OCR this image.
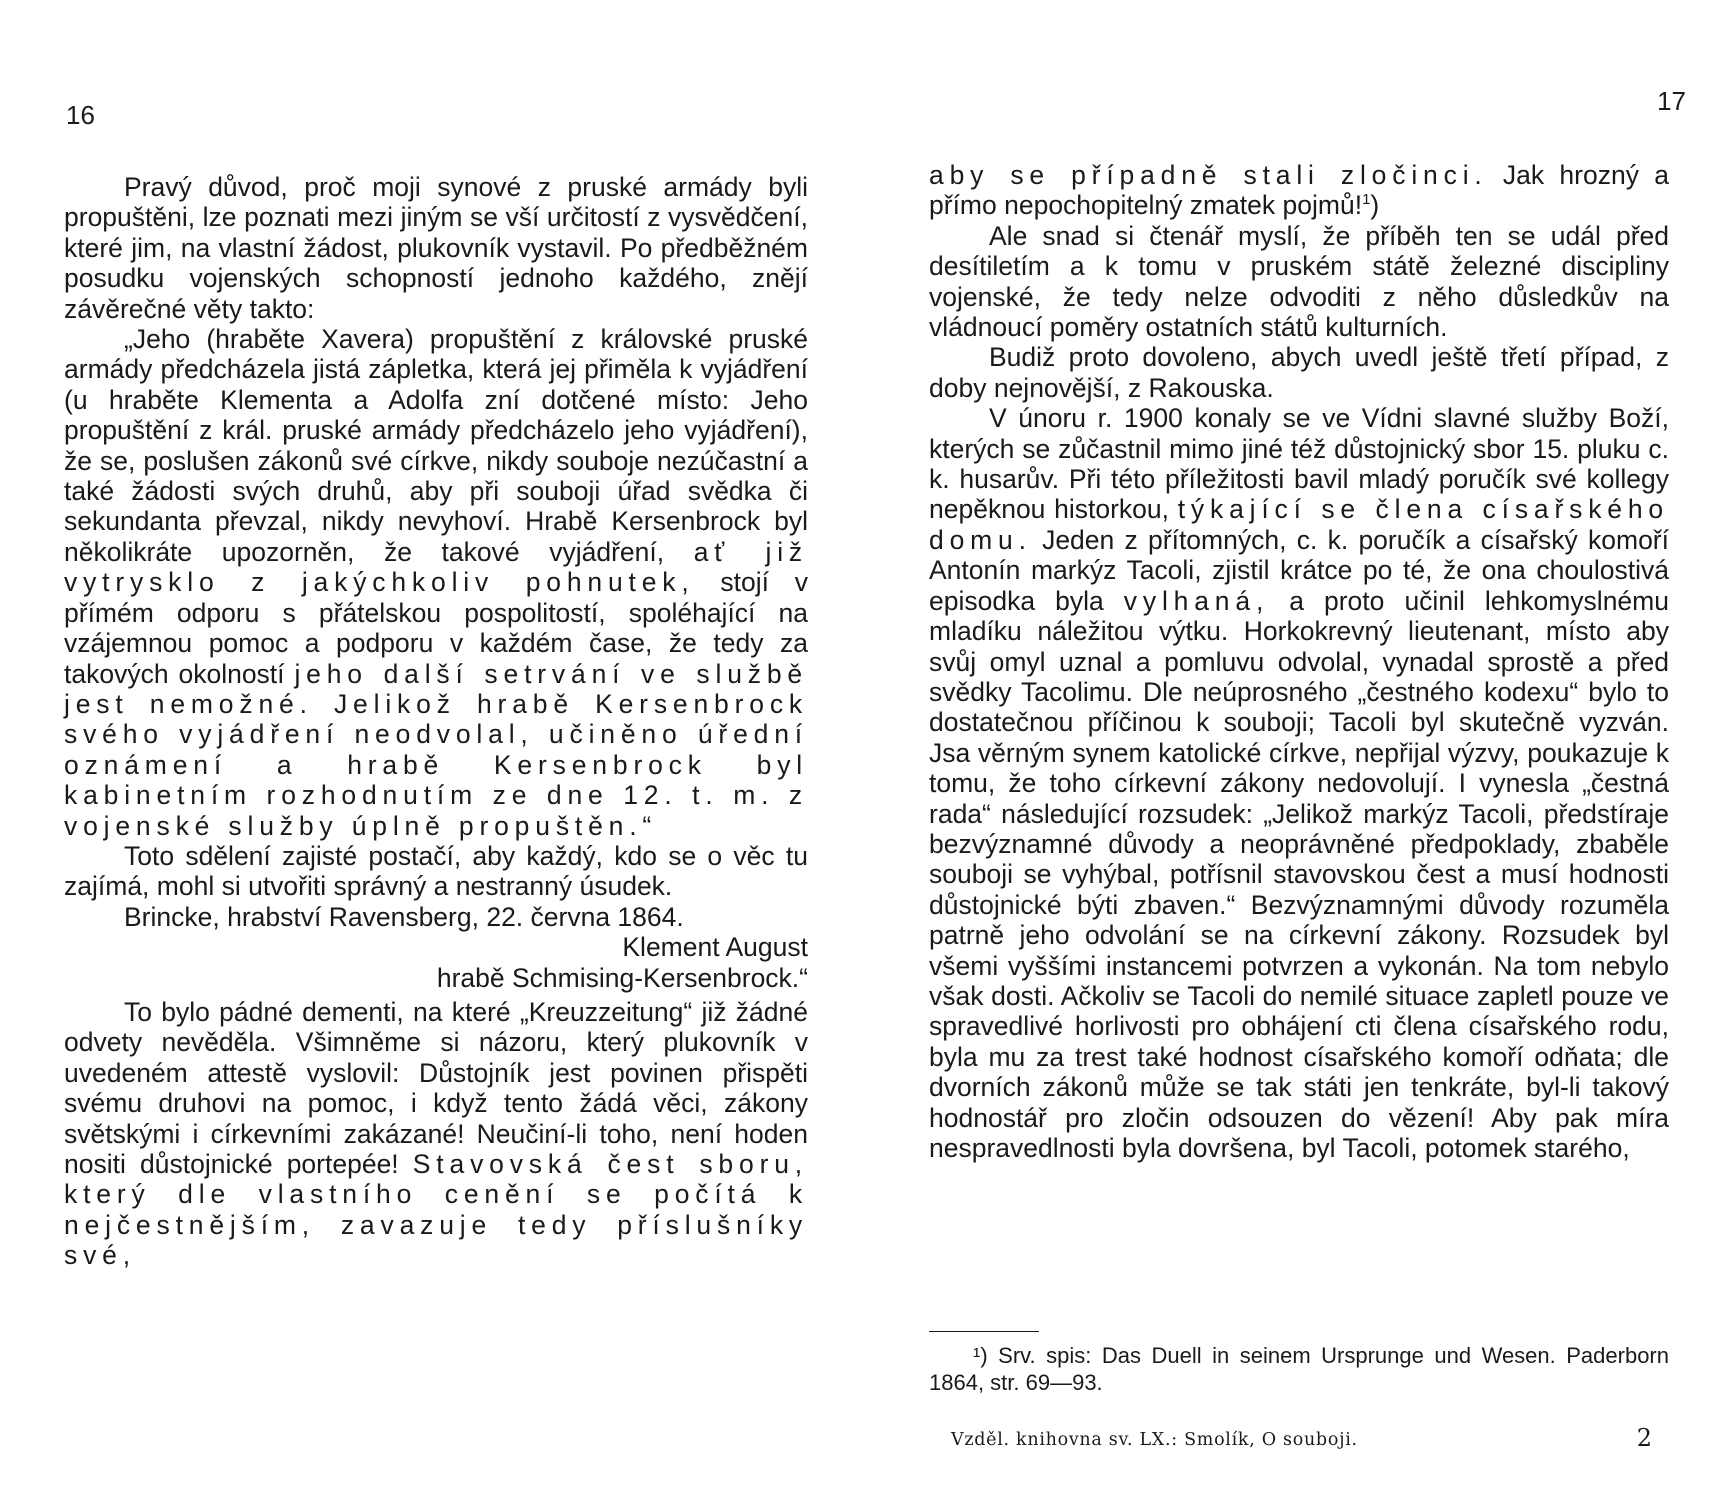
16

Pravý důvod, proč moji synové z pruské armády byli propuštěni, lze poznati mezi jiným se vší určitostí z vysvědčení, které jim, na vlastní žádost, plukovník vystavil. Po předběžném posudku vojenských schopností jednoho každého, znějí závěrečné věty takto:

„Jeho (hraběte Xavera) propuštění z královské pruské armády předcházela jistá zápletka, která jej přiměla k vyjádření (u hraběte Klementa a Adolfa zní dotčené místo: Jeho propuštění z král. pruské armády předcházelo jeho vyjádření), že se, poslušen zákonů své církve, nikdy souboje nezúčastní a také žádosti svých druhů, aby při souboji úřad svědka či sekundanta převzal, nikdy nevyhoví. Hrabě Kersenbrock byl několikráte upozorněn, že takové vyjádření, ať již vytrysklo z jakýchkoliv pohnutek, stojí v přímém odporu s přátelskou pospolitostí, spoléhající na vzájemnou pomoc a podporu v každém čase, že tedy za takových okolností jeho další setrvání ve službě jest nemožné. Jelikož hrabě Kersenbrock svého vyjádření neodvolal, učiněno úřední oznámení a hrabě Kersenbrock byl kabinetním rozhodnutím ze dne 12. t. m. z vojenské služby úplně propuštěn.“

Toto sdělení zajisté postačí, aby každý, kdo se o věc tu zajímá, mohl si utvořiti správný a nestranný úsudek.

Brincke, hrabství Ravensberg, 22. června 1864.

Klement August
hrabě Schmising-Kersenbrock.“

To bylo pádné dementi, na které „Kreuzzeitung“ již žádné odvety nevěděla. Všimněme si názoru, který plukovník v uvedeném attestě vyslovil: Důstojník jest povinen přispěti svému druhovi na pomoc, i když tento žádá věci, zákony světskými i církevními zakázané! Neučiní-li toho, není hoden nositi důstojnické portepée! Stavovská čest sboru, který dle vlastního cenění se počítá k nejčestnějším, zavazuje tedy příslušníky své,

17

aby se případně stali zločinci. Jak hrozný a přímo nepochopitelný zmatek pojmů!$^1$)

Ale snad si čtenář myslí, že příběh ten se udál před desítiletím a k tomu v pruském státě železné discipliny vojenské, že tedy nelze odvoditi z něho důsledkův na vládnoucí poměry ostatních států kulturních.

Budiž proto dovoleno, abych uvedl ještě třetí případ, z doby nejnovější, z Rakouska.

V únoru r. 1900 konaly se ve Vídni slavné služby Boží, kterých se zůčastnil mimo jiné též důstojnický sbor 15. pluku c. k. husarův. Při této příležitosti bavil mladý poručík své kollegy nepěknou historkou, týkající se člena císařského domu. Jeden z přítomných, c. k. poručík a císařský komoří Antonín markýz Tacoli, zjistil krátce po té, že ona choulostivá episodka byla vylhaná, a proto učinil lehkomyslnému mladíku náležitou výtku. Horkokrevný lieutenant, místo aby svůj omyl uznal a pomluvu odvolal, vynadal sprostě a před svědky Tacolimu. Dle neúprosného „čestného kodexu“ bylo to dostatečnou příčinou k souboji; Tacoli byl skutečně vyzván. Jsa věrným synem katolické církve, nepřijal výzvy, poukazuje k tomu, že toho církevní zákony nedovolují. I vynesla „čestná rada“ následující rozsudek: „Jelikož markýz Tacoli, předstíraje bezvýznamné důvody a neoprávněné předpoklady, zbaběle souboji se vyhýbal, potřísnil stavovskou čest a musí hodnosti důstojnické býti zbaven.“ Bezvýznamnými důvody rozuměla patrně jeho odvolání se na církevní zákony. Rozsudek byl všemi vyššími instancemi potvrzen a vykonán. Na tom nebylo však dosti. Ačkoliv se Tacoli do nemilé situace zapletl pouze ve spravedlivé horlivosti pro obhájení cti člena císařského rodu, byla mu za trest také hodnost císařského komoří odňata; dle dvorních zákonů může se tak státi jen tenkráte, byl-li takový hodnostář pro zločin odsouzen do vězení! Aby pak míra nespravedlnosti byla dovršena, byl Tacoli, potomek starého,

¹) Srv. spis: Das Duell in seinem Ursprunge und Wesen. Paderborn 1864, str. 69—93.

Vzděl. knihovna sv. LX.: Smolík, O souboji.	2
